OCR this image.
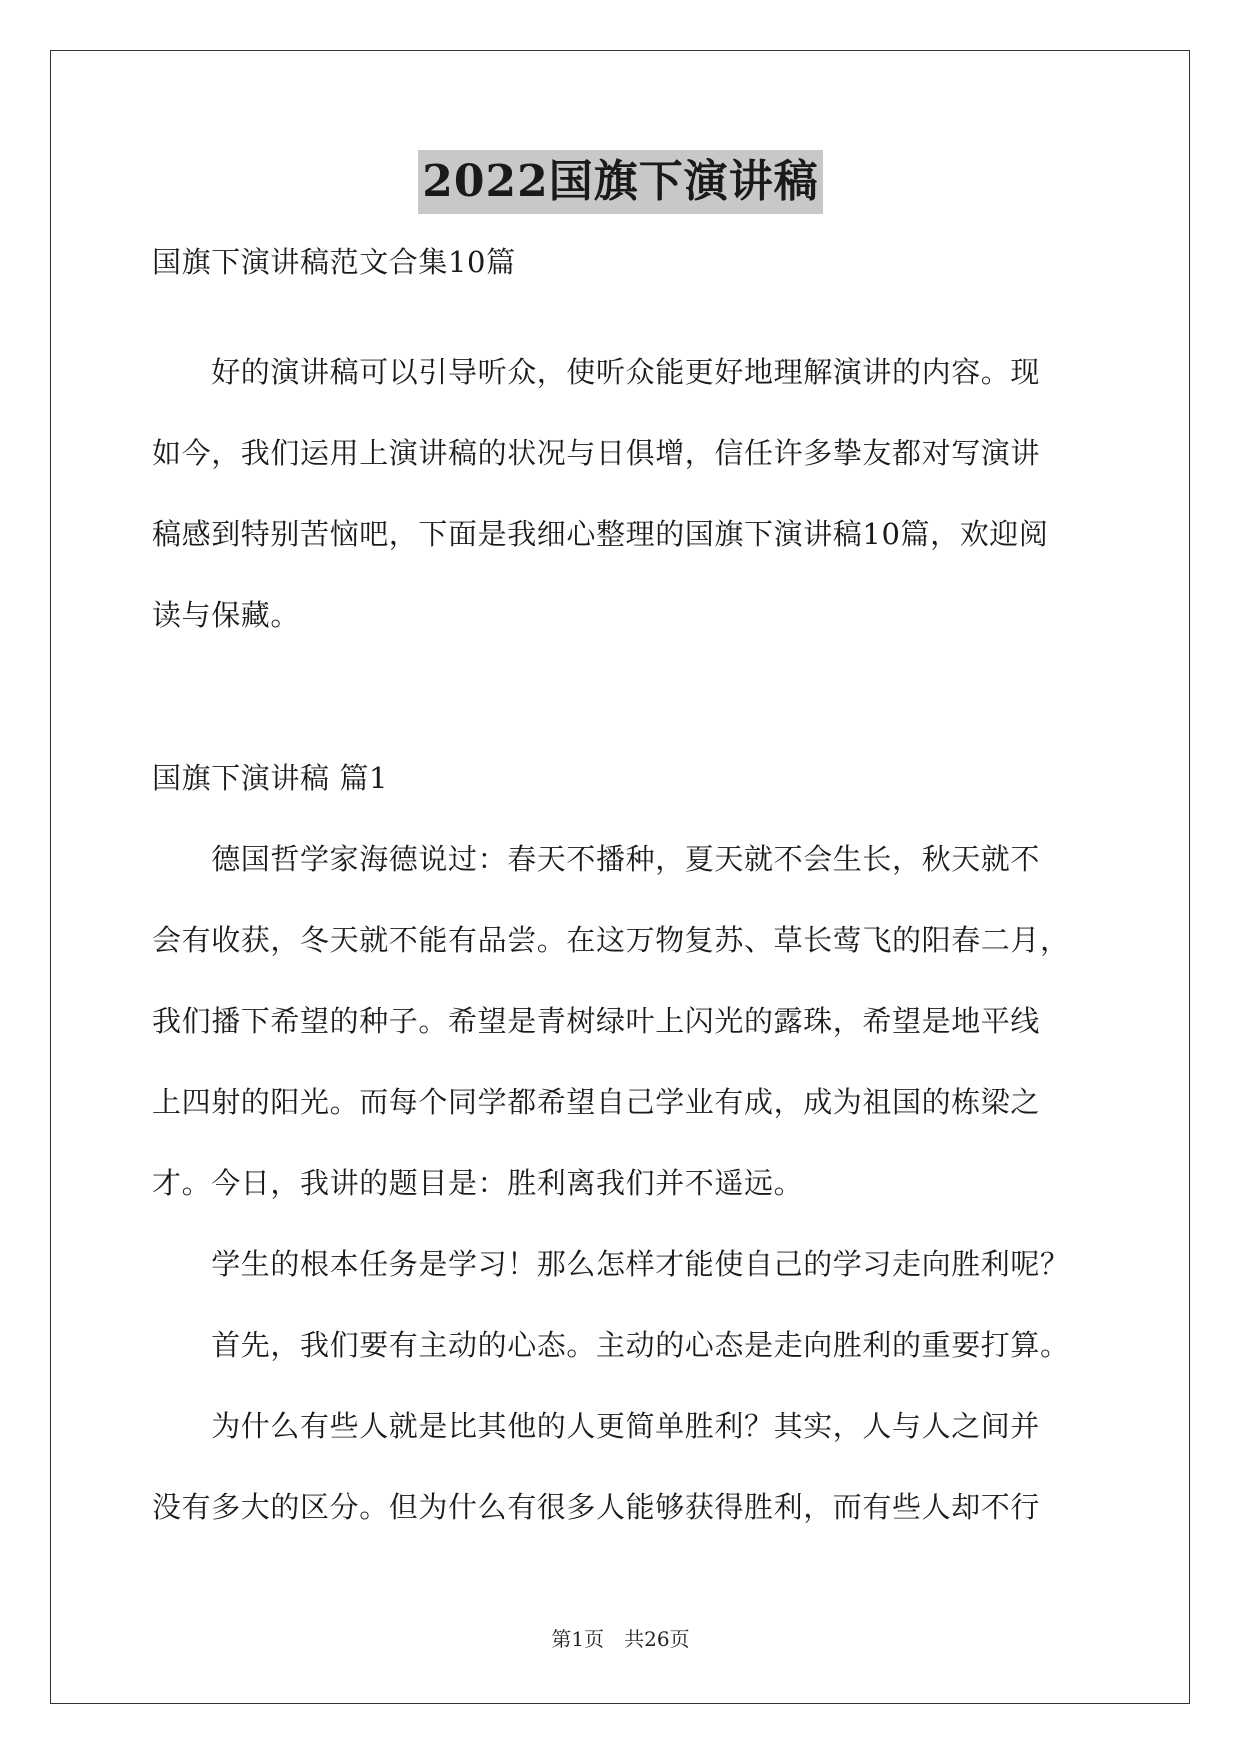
2022国旗下演讲稿
国旗下演讲稿范文合集10篇
　　好的演讲稿可以引导听众，使听众能更好地理解演讲的内容。现
如今，我们运用上演讲稿的状况与日俱增，信任许多挚友都对写演讲
稿感到特别苦恼吧，下面是我细心整理的国旗下演讲稿10篇，欢迎阅
读与保藏。
国旗下演讲稿 篇1
　　德国哲学家海德说过：春天不播种，夏天就不会生长，秋天就不
会有收获，冬天就不能有品尝。在这万物复苏、草长莺飞的阳春二月，
我们播下希望的种子。希望是青树绿叶上闪光的露珠，希望是地平线
上四射的阳光。而每个同学都希望自己学业有成，成为祖国的栋梁之
才。今日，我讲的题目是：胜利离我们并不遥远。
　　学生的根本任务是学习！那么怎样才能使自己的学习走向胜利呢？
　　首先，我们要有主动的心态。主动的心态是走向胜利的重要打算。
　　为什么有些人就是比其他的人更简单胜利？其实，人与人之间并
没有多大的区分。但为什么有很多人能够获得胜利，而有些人却不行
第1页　共26页
